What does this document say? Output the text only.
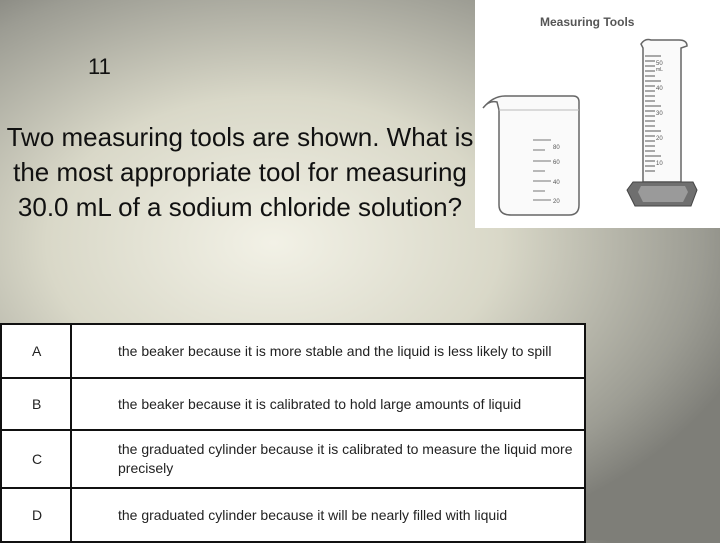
11
Two measuring tools are shown. What is the most appropriate tool for measuring 30.0 mL of a sodium chloride solution?
Measuring Tools
80
60
40
20
50
mL
40
30
20
10
A	the beaker because it is more stable and the liquid is less likely to spill
B	the beaker because it is calibrated to hold large amounts of liquid
C	the graduated cylinder because it is calibrated to measure the liquid more precisely
D	the graduated cylinder because it will be nearly filled with liquid
